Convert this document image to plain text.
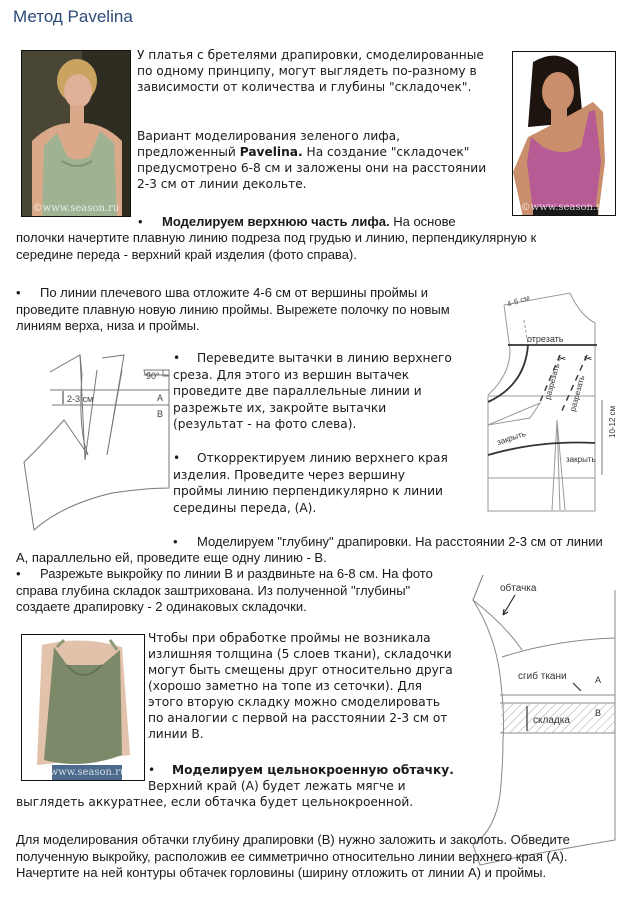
Метод Pavelina
©www.season.ru	©www.season.ru
У платья с бретелями драпировки, смоделированные по одному принципу, могут выглядеть по-разному в зависимости от количества и глубины "складочек".
Вариант моделирования зеленого лифа, предложенный Pavelina. На создание "складочек" предусмотрено 6-8 см и заложены они на расстоянии 2-3 см от линии декольте.
• Моделируем верхнюю часть лифа. На основе
полочки начертите плавную линию подреза под грудью и линию, перпендикулярную к середине переда - верхний край изделия (фото справа).
• По линии плечевого шва отложите 4-6 см от вершины проймы и проведите плавную новую линию проймы. Вырежете полочку по новым линиям верха, низа и проймы.
2-3 см
90°
А
В
• Переведите вытачки в линию верхнего среза. Для этого из вершин вытачек проведите две параллельные линии и разрежьте их, закройте вытачки (результат - на фото слева).
• Откорректируем линию верхнего края изделия. Проведите через вершину проймы линию перпендикулярно к линии середины переда, (А).
отрезать
4-6 см
разрезать разрезать
закрыть
закрыть
10-12 см
✂ ✂
• Моделируем "глубину" драпировки. На расстоянии 2-3 см от линии
А, параллельно ей, проведите еще одну линию - В.
• Разрежьте выкройку по линии В и раздвиньте на 6-8 см. На фото справа глубина складок заштрихована. Из полученной "глубины" создаете драпировку - 2 одинаковых складочки.
©www.season.ru
Чтобы при обработке проймы не возникала излишняя толщина (5 слоев ткани), складочки могут быть смещены друг относительно друга (хорошо заметно на топе из сеточки). Для этого вторую складку можно смоделировать по аналогии с первой на расстоянии 2-3 см от линии В.
• Моделируем цельнокроенную обтачку.
Верхний край (А) будет лежать мягче и
выглядеть аккуратнее, если обтачка будет цельнокроенной.
обтачка
сгиб ткани
складка
А
В
Для моделирования обтачки глубину драпировки (В) нужно заложить и заколоть. Обведите полученную выкройку, расположив ее симметрично относительно линии верхнего края (А). Начертите на ней контуры обтачек горловины (ширину отложить от линии А) и проймы.
